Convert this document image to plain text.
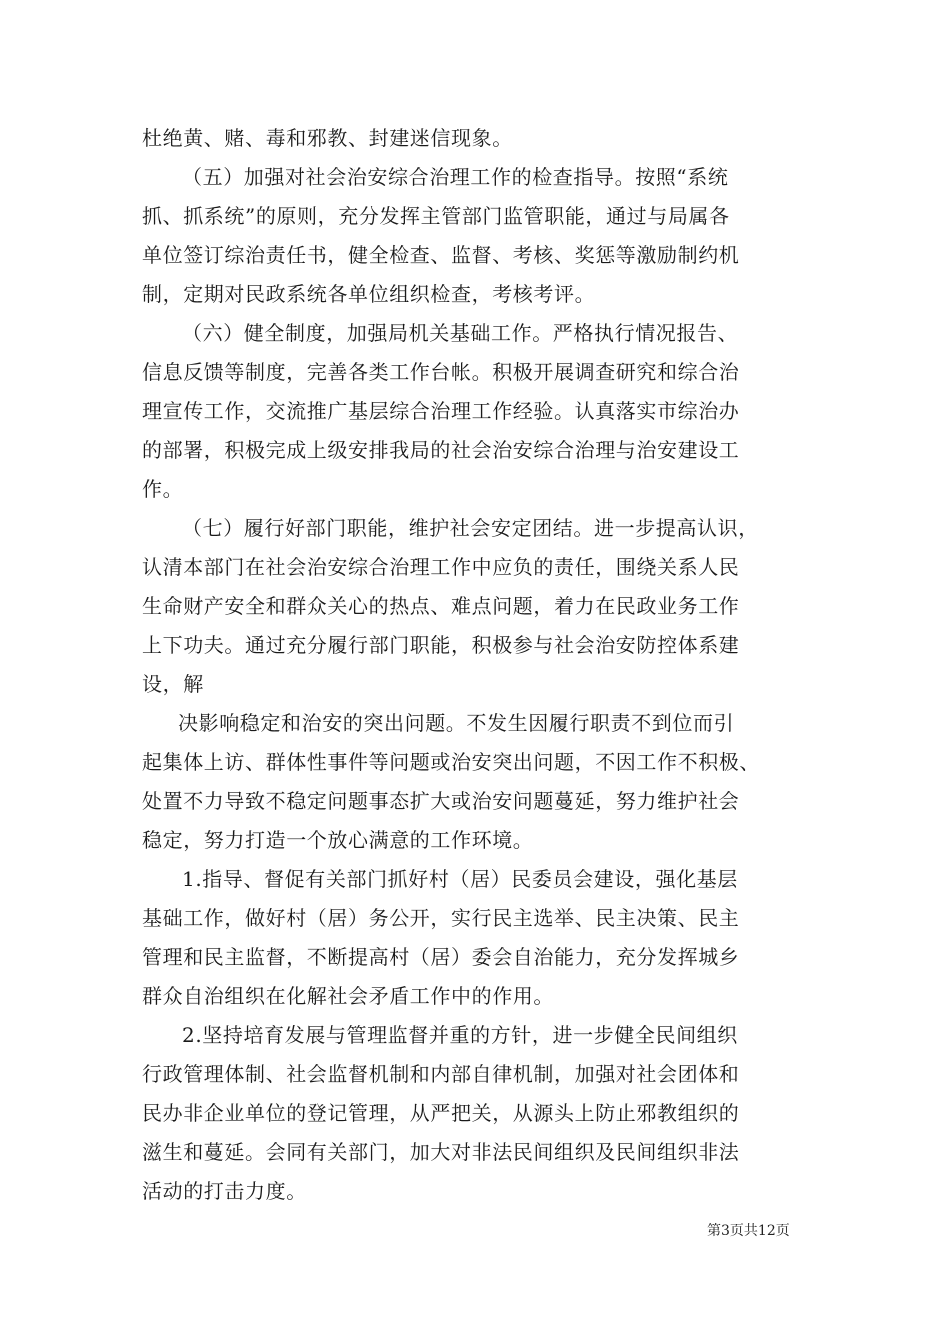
杜绝黄、赌、毒和邪教、封建迷信现象。
（五）加强对社会治安综合治理工作的检查指导。按照“系统
抓、抓系统”的原则，充分发挥主管部门监管职能，通过与局属各
单位签订综治责任书，健全检查、监督、考核、奖惩等激励制约机
制，定期对民政系统各单位组织检查，考核考评。
（六）健全制度，加强局机关基础工作。严格执行情况报告、
信息反馈等制度，完善各类工作台帐。积极开展调查研究和综合治
理宣传工作，交流推广基层综合治理工作经验。认真落实市综治办
的部署，积极完成上级安排我局的社会治安综合治理与治安建设工
作。
（七）履行好部门职能，维护社会安定团结。进一步提高认识，
认清本部门在社会治安综合治理工作中应负的责任，围绕关系人民
生命财产安全和群众关心的热点、难点问题，着力在民政业务工作
上下功夫。通过充分履行部门职能，积极参与社会治安防控体系建
设，解
决影响稳定和治安的突出问题。不发生因履行职责不到位而引
起集体上访、群体性事件等问题或治安突出问题，不因工作不积极、
处置不力导致不稳定问题事态扩大或治安问题蔓延，努力维护社会
稳定，努力打造一个放心满意的工作环境。
1.指导、督促有关部门抓好村（居）民委员会建设，强化基层
基础工作，做好村（居）务公开，实行民主选举、民主决策、民主
管理和民主监督，不断提高村（居）委会自治能力，充分发挥城乡
群众自治组织在化解社会矛盾工作中的作用。
2.坚持培育发展与管理监督并重的方针，进一步健全民间组织
行政管理体制、社会监督机制和内部自律机制，加强对社会团体和
民办非企业单位的登记管理，从严把关，从源头上防止邪教组织的
滋生和蔓延。会同有关部门，加大对非法民间组织及民间组织非法
活动的打击力度。
第3页共12页
